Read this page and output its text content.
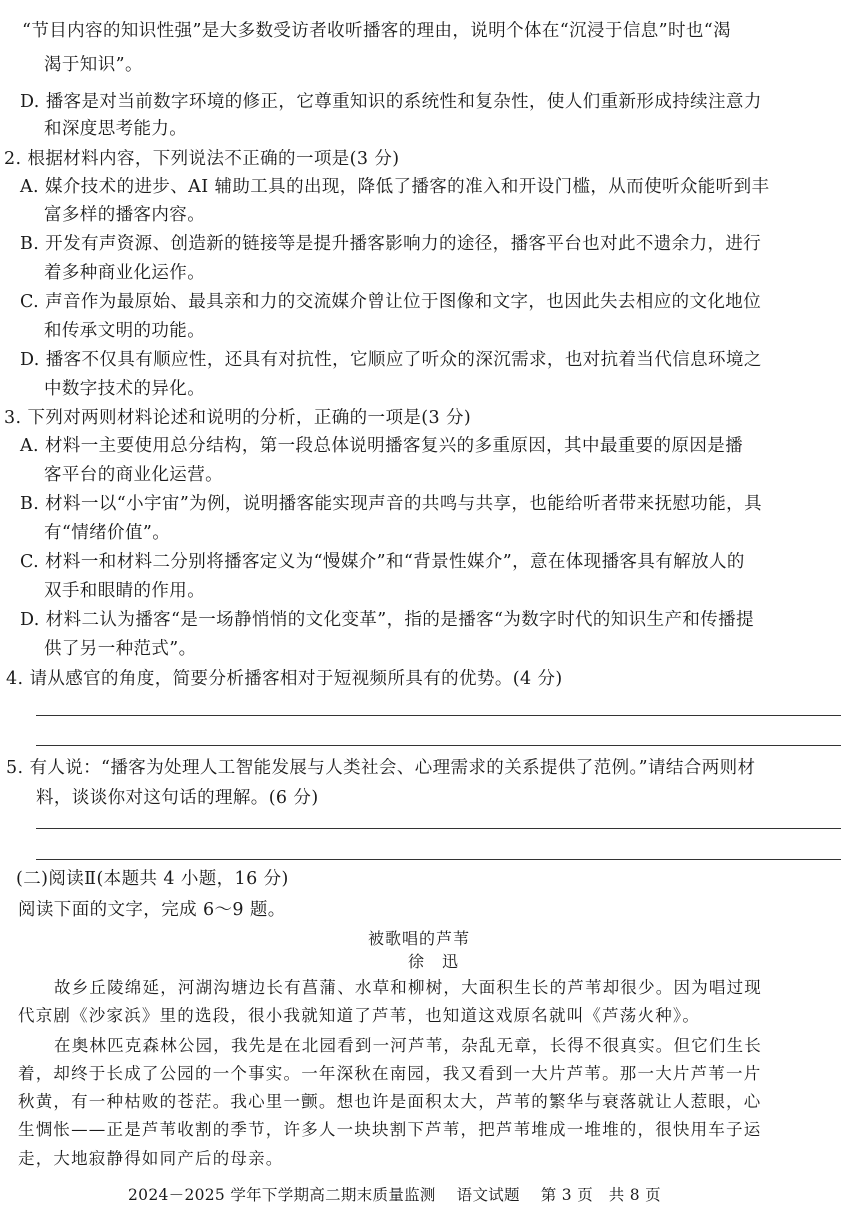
“节目内容的知识性强”是大多数受访者收听播客的理由，说明个体在“沉浸于信息”时也“渴
渴于知识”。
D. 播客是对当前数字环境的修正，它尊重知识的系统性和复杂性，使人们重新形成持续注意力
和深度思考能力。
2. 根据材料内容，下列说法不正确的一项是(3 分)
A. 媒介技术的进步、AI 辅助工具的出现，降低了播客的准入和开设门槛，从而使听众能听到丰
富多样的播客内容。
B. 开发有声资源、创造新的链接等是提升播客影响力的途径，播客平台也对此不遗余力，进行
着多种商业化运作。
C. 声音作为最原始、最具亲和力的交流媒介曾让位于图像和文字，也因此失去相应的文化地位
和传承文明的功能。
D. 播客不仅具有顺应性，还具有对抗性，它顺应了听众的深沉需求，也对抗着当代信息环境之
中数字技术的异化。
3. 下列对两则材料论述和说明的分析，正确的一项是(3 分)
A. 材料一主要使用总分结构，第一段总体说明播客复兴的多重原因，其中最重要的原因是播
客平台的商业化运营。
B. 材料一以“小宇宙”为例，说明播客能实现声音的共鸣与共享，也能给听者带来抚慰功能，具
有“情绪价值”。
C. 材料一和材料二分别将播客定义为“慢媒介”和“背景性媒介”，意在体现播客具有解放人的
双手和眼睛的作用。
D. 材料二认为播客“是一场静悄悄的文化变革”，指的是播客“为数字时代的知识生产和传播提
供了另一种范式”。
4. 请从感官的角度，简要分析播客相对于短视频所具有的优势。(4 分)
5. 有人说：“播客为处理人工智能发展与人类社会、心理需求的关系提供了范例。”请结合两则材
料，谈谈你对这句话的理解。(6 分)
(二)阅读Ⅱ(本题共 4 小题，16 分)
阅读下面的文字，完成 6～9 题。
被歌唱的芦苇
徐　迅
故乡丘陵绵延，河湖沟塘边长有菖蒲、水草和柳树，大面积生长的芦苇却很少。因为唱过现
代京剧《沙家浜》里的选段，很小我就知道了芦苇，也知道这戏原名就叫《芦荡火种》。
在奥林匹克森林公园，我先是在北园看到一河芦苇，杂乱无章，长得不很真实。但它们生长
着，却终于长成了公园的一个事实。一年深秋在南园，我又看到一大片芦苇。那一大片芦苇一片
秋黄，有一种枯败的苍茫。我心里一颤。想也许是面积太大，芦苇的繁华与衰落就让人惹眼，心
生惆怅——正是芦苇收割的季节，许多人一块块割下芦苇，把芦苇堆成一堆堆的，很快用车子运
走，大地寂静得如同产后的母亲。
2024－2025 学年下学期高二期末质量监测 语文试题 第 3 页 共 8 页
